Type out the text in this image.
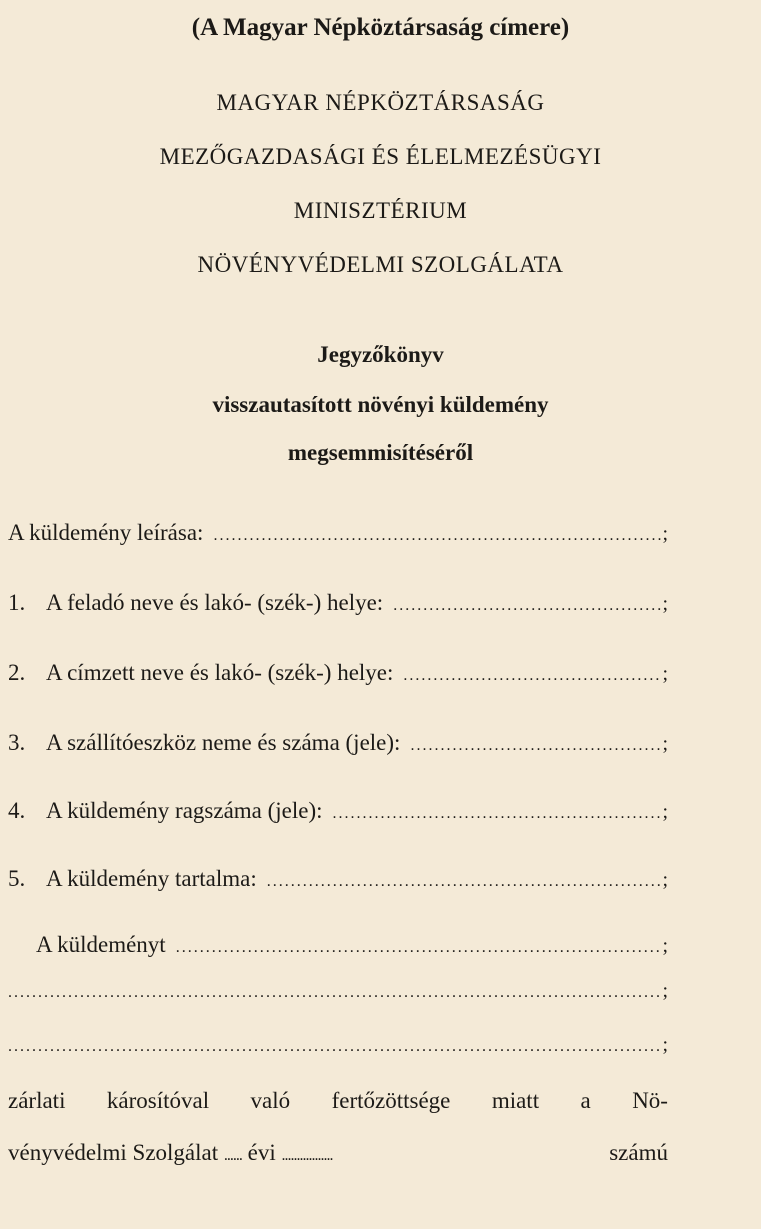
(A Magyar Népköztársaság címere)
MAGYAR NÉPKÖZTÁRSASÁG
MEZŐGAZDASÁGI ÉS ÉLELMEZÉSÜGYI
MINISZTÉRIUM
NÖVÉNYVÉDELMI SZOLGÁLATA
Jegyzőkönyv
visszautasított növényi küldemény
megsemmisítéséről
A küldemény leírása: . . .	;
1. A feladó neve és lakó- (szék-) helye: . . .	;
2. A címzett neve és lakó- (szék-) helye: . . .	;
3. A szállítóeszköz neme és száma (jele): . . .	;
4. A küldemény ragszáma (jele): . . .	;
5. A küldemény tartalma: . . .	;
A küldeményt . . .	;
. . .
;
. . .
;
zárlati károsítóval való fertőzöttsége miatt a Nö-
vényvédelmi Szolgálat ...... évi .................	számú
